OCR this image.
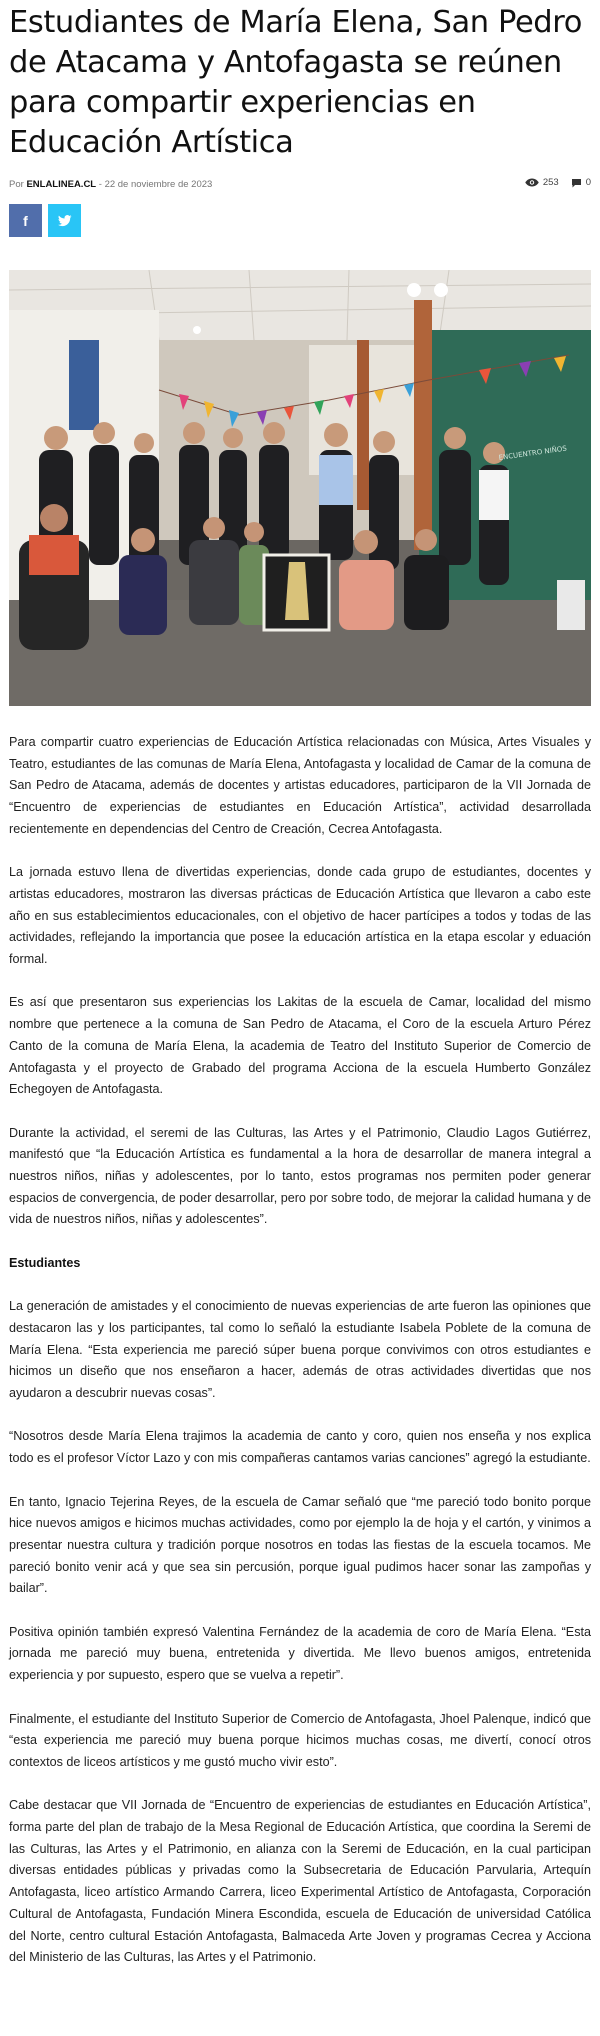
Estudiantes de María Elena, San Pedro de Atacama y Antofagasta se reúnen para compartir experiencias en Educación Artística
Por ENLALINEA.CL - 22 de noviembre de 2023	253	0
f
ENCUENTRO NIÑOS

Para compartir cuatro experiencias de Educación Artística relacionadas con Música, Artes Visuales y Teatro, estudiantes de las comunas de María Elena, Antofagasta y localidad de Camar de la comuna de San Pedro de Atacama, además de docentes y artistas educadores, participaron de la VII Jornada de “Encuentro de experiencias de estudiantes en Educación Artística”, actividad desarrollada recientemente en dependencias del Centro de Creación, Cecrea Antofagasta.

La jornada estuvo llena de divertidas experiencias, donde cada grupo de estudiantes, docentes y artistas educadores, mostraron las diversas prácticas de Educación Artística que llevaron a cabo este año en sus establecimientos educacionales, con el objetivo de hacer partícipes a todos y todas de las actividades, reflejando la importancia que posee la educación artística en la etapa escolar y eduación formal.

Es así que presentaron sus experiencias los Lakitas de la escuela de Camar, localidad del mismo nombre que pertenece a la comuna de San Pedro de Atacama, el Coro de la escuela Arturo Pérez Canto de la comuna de María Elena, la academia de Teatro del Instituto Superior de Comercio de Antofagasta y el proyecto de Grabado del programa Acciona de la escuela Humberto González Echegoyen de Antofagasta.

Durante la actividad, el seremi de las Culturas, las Artes y el Patrimonio, Claudio Lagos Gutiérrez, manifestó que “la Educación Artística es fundamental a la hora de desarrollar de manera integral a nuestros niños, niñas y adolescentes, por lo tanto, estos programas nos permiten poder generar espacios de convergencia, de poder desarrollar, pero por sobre todo, de mejorar la calidad humana y de vida de nuestros niños, niñas y adolescentes”.

Estudiantes

La generación de amistades y el conocimiento de nuevas experiencias de arte fueron las opiniones que destacaron las y los participantes, tal como lo señaló la estudiante Isabela Poblete de la comuna de María Elena. “Esta experiencia me pareció súper buena porque convivimos con otros estudiantes e hicimos un diseño que nos enseñaron a hacer, además de otras actividades divertidas que nos ayudaron a descubrir nuevas cosas”.

“Nosotros desde María Elena trajimos la academia de canto y coro, quien nos enseña y nos explica todo es el profesor Víctor Lazo y con mis compañeras cantamos varias canciones” agregó la estudiante.

En tanto, Ignacio Tejerina Reyes, de la escuela de Camar señaló que “me pareció todo bonito porque hice nuevos amigos e hicimos muchas actividades, como por ejemplo la de hoja y el cartón, y vinimos a presentar nuestra cultura y tradición porque nosotros en todas las fiestas de la escuela tocamos. Me pareció bonito venir acá y que sea sin percusión, porque igual pudimos hacer sonar las zampoñas y bailar”.

Positiva opinión también expresó Valentina Fernández de la academia de coro de María Elena. “Esta jornada me pareció muy buena, entretenida y divertida. Me llevo buenos amigos, entretenida experiencia y por supuesto, espero que se vuelva a repetir”.

Finalmente, el estudiante del Instituto Superior de Comercio de Antofagasta, Jhoel Palenque, indicó que “esta experiencia me pareció muy buena porque hicimos muchas cosas, me divertí, conocí otros contextos de liceos artísticos y me gustó mucho vivir esto”.

Cabe destacar que VII Jornada de “Encuentro de experiencias de estudiantes en Educación Artística”, forma parte del plan de trabajo de la Mesa Regional de Educación Artística, que coordina la Seremi de las Culturas, las Artes y el Patrimonio, en alianza con la Seremi de Educación, en la cual participan diversas entidades públicas y privadas como la Subsecretaria de Educación Parvularia, Artequín Antofagasta, liceo artístico Armando Carrera, liceo Experimental Artístico de Antofagasta, Corporación Cultural de Antofagasta, Fundación Minera Escondida, escuela de Educación de universidad Católica del Norte, centro cultural Estación Antofagasta, Balmaceda Arte Joven y programas Cecrea y Acciona del Ministerio de las Culturas, las Artes y el Patrimonio.
